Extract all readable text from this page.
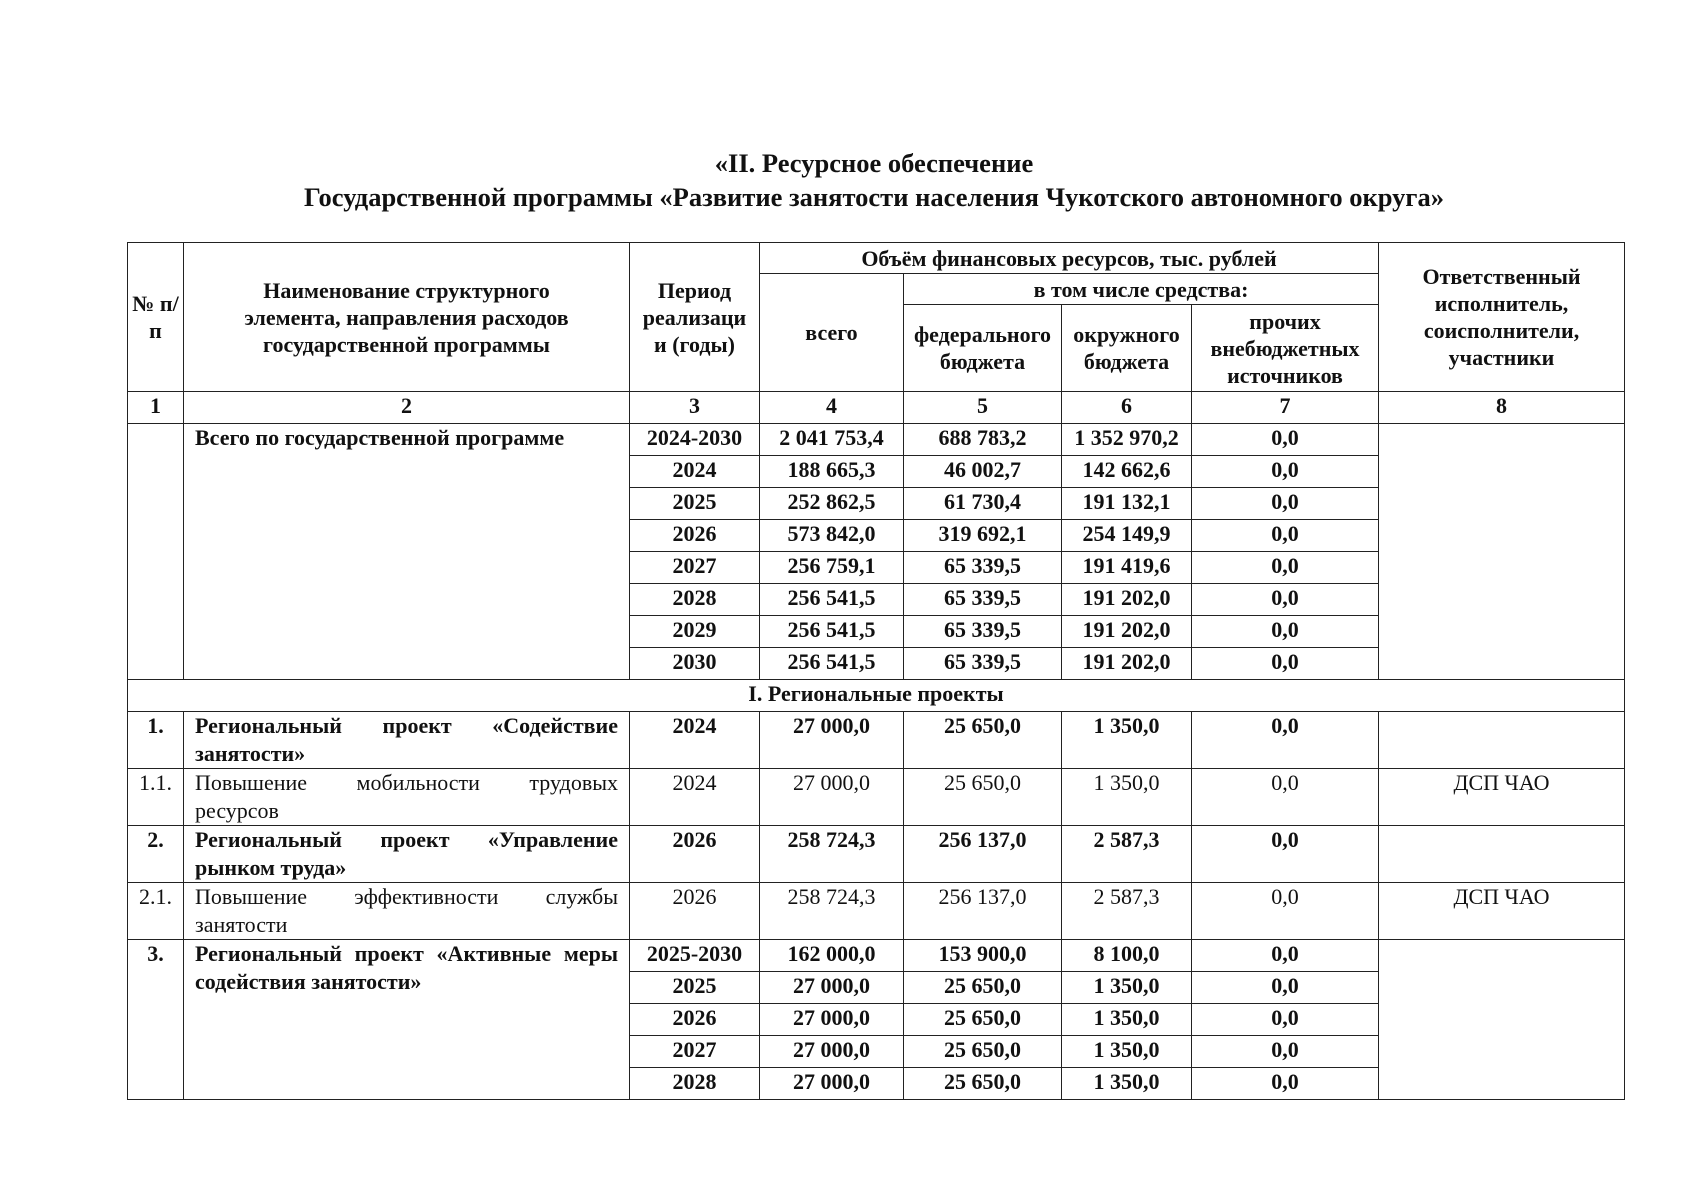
«II. Ресурсное обеспечение
Государственной программы «Развитие занятости населения Чукотского автономного округа»
№ п/п	Наименование структурного элемента, направления расходов государственной программы	Период реализаци и (годы)	Объём финансовых ресурсов, тыс. рублей				Ответственный исполнитель, соисполнители, участники
			всего	в том числе средства:			
				федерального бюджета	окружного бюджета	прочих внебюджетных источников	
1	2	3	4	5	6	7	8
	Всего по государственной программе	2024-2030	2 041 753,4	688 783,2	1 352 970,2	0,0	
		2024	188 665,3	46 002,7	142 662,6	0,0	
		2025	252 862,5	61 730,4	191 132,1	0,0	
		2026	573 842,0	319 692,1	254 149,9	0,0	
		2027	256 759,1	65 339,5	191 419,6	0,0	
		2028	256 541,5	65 339,5	191 202,0	0,0	
		2029	256 541,5	65 339,5	191 202,0	0,0	
		2030	256 541,5	65 339,5	191 202,0	0,0	
I. Региональные проекты							
1.	Региональный проект «Содействие занятости»	2024	27 000,0	25 650,0	1 350,0	0,0	
1.1.	Повышение мобильности трудовых ресурсов	2024	27 000,0	25 650,0	1 350,0	0,0	ДСП ЧАО
2.	Региональный проект «Управление рынком труда»	2026	258 724,3	256 137,0	2 587,3	0,0	
2.1.	Повышение эффективности службы занятости	2026	258 724,3	256 137,0	2 587,3	0,0	ДСП ЧАО
3.	Региональный проект «Активные меры содействия занятости»	2025-2030	162 000,0	153 900,0	8 100,0	0,0	
		2025	27 000,0	25 650,0	1 350,0	0,0	
		2026	27 000,0	25 650,0	1 350,0	0,0	
		2027	27 000,0	25 650,0	1 350,0	0,0	
		2028	27 000,0	25 650,0	1 350,0	0,0	
